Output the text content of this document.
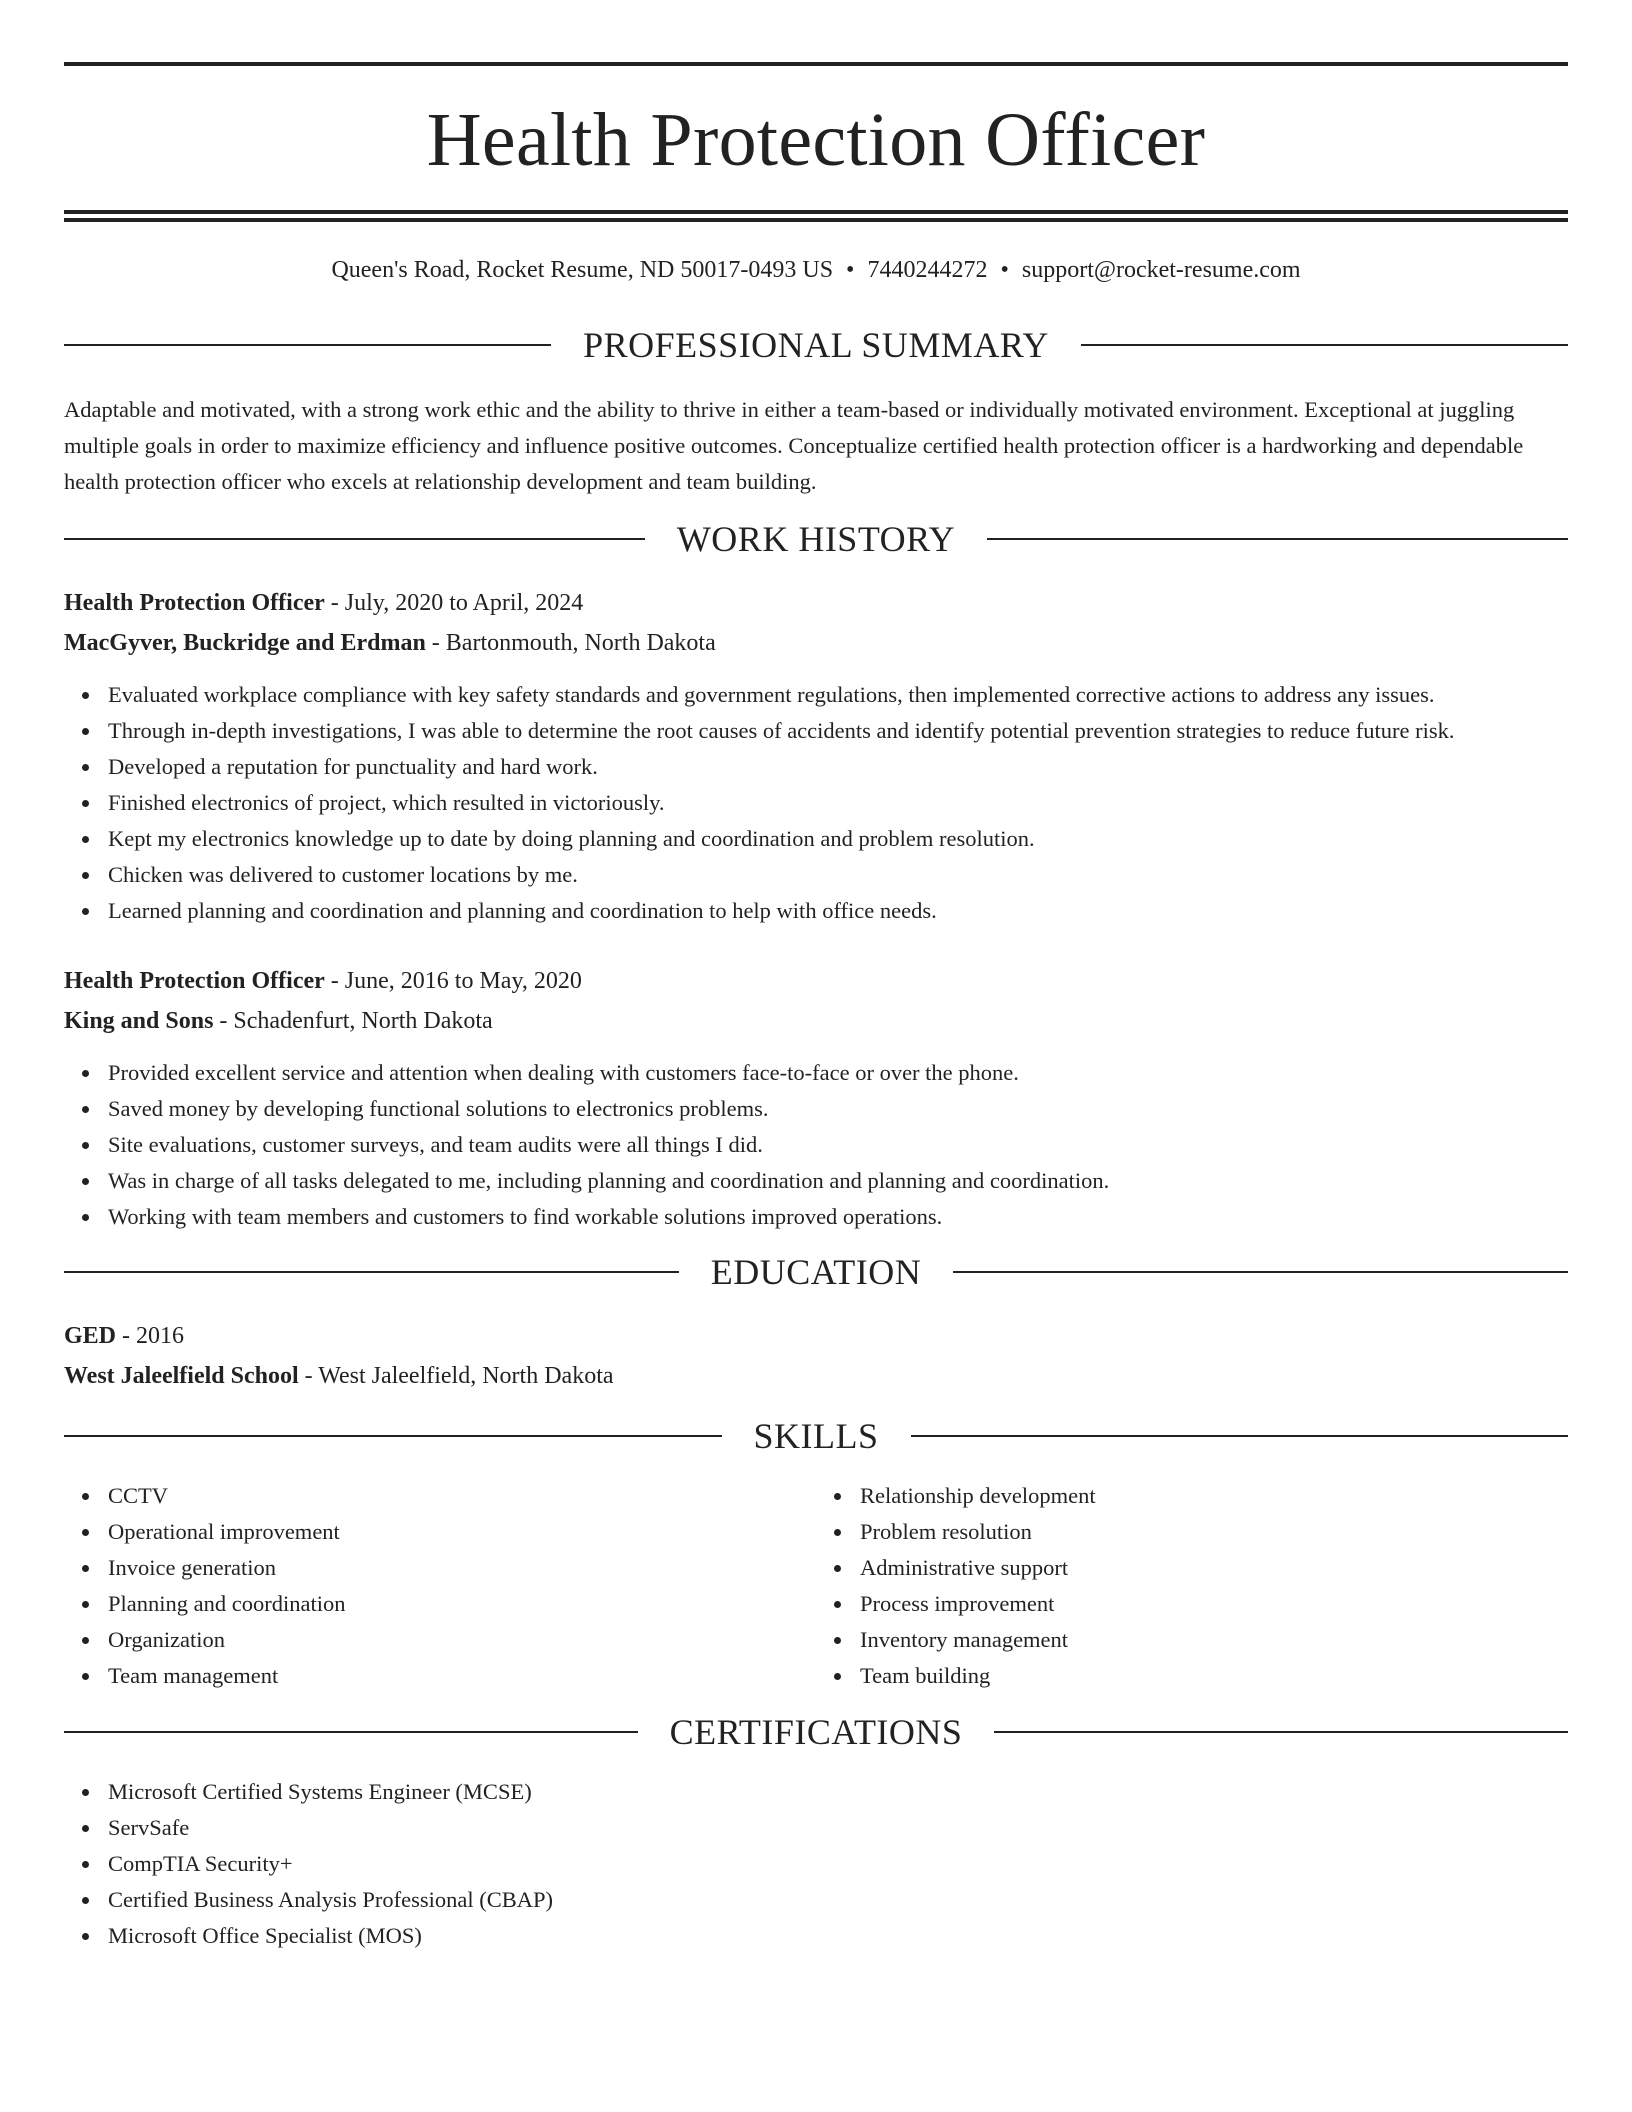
Health Protection Officer
Queen's Road, Rocket Resume, ND 50017-0493 US • 7440244272 • support@rocket-resume.com
PROFESSIONAL SUMMARY

Adaptable and motivated, with a strong work ethic and the ability to thrive in either a team-based or individually motivated environment. Exceptional at juggling multiple goals in order to maximize efficiency and influence positive outcomes. Conceptualize certified health protection officer is a hardworking and dependable health protection officer who excels at relationship development and team building.

WORK HISTORY
Health Protection Officer - July, 2020 to April, 2024
MacGyver, Buckridge and Erdman - Bartonmouth, North Dakota
Evaluated workplace compliance with key safety standards and government regulations, then implemented corrective actions to address any issues.
Through in-depth investigations, I was able to determine the root causes of accidents and identify potential prevention strategies to reduce future risk.
Developed a reputation for punctuality and hard work.
Finished electronics of project, which resulted in victoriously.
Kept my electronics knowledge up to date by doing planning and coordination and problem resolution.
Chicken was delivered to customer locations by me.
Learned planning and coordination and planning and coordination to help with office needs.
Health Protection Officer - June, 2016 to May, 2020
King and Sons - Schadenfurt, North Dakota
Provided excellent service and attention when dealing with customers face-to-face or over the phone.
Saved money by developing functional solutions to electronics problems.
Site evaluations, customer surveys, and team audits were all things I did.
Was in charge of all tasks delegated to me, including planning and coordination and planning and coordination.
Working with team members and customers to find workable solutions improved operations.
EDUCATION
GED - 2016
West Jaleelfield School - West Jaleelfield, North Dakota
SKILLS
CCTV
Operational improvement
Invoice generation
Planning and coordination
Organization
Team management
Relationship development
Problem resolution
Administrative support
Process improvement
Inventory management
Team building
CERTIFICATIONS
Microsoft Certified Systems Engineer (MCSE)
ServSafe
CompTIA Security+
Certified Business Analysis Professional (CBAP)
Microsoft Office Specialist (MOS)
